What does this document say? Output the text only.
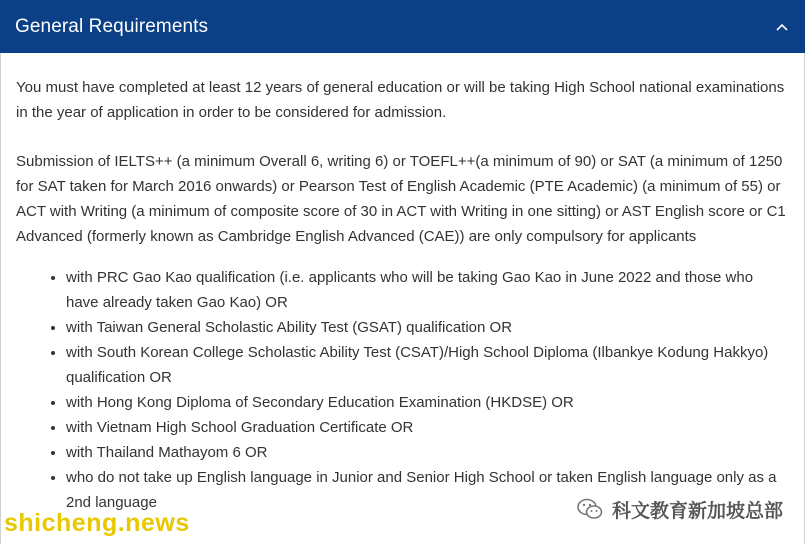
General Requirements

You must have completed at least 12 years of general education or will be taking High School national examinations in the year of application in order to be considered for admission.

Submission of IELTS++ (a minimum Overall 6, writing 6) or TOEFL++(a minimum of 90) or SAT (a minimum of 1250 for SAT taken for March 2016 onwards) or Pearson Test of English Academic (PTE Academic) (a minimum of 55) or ACT with Writing (a minimum of composite score of 30 in ACT with Writing in one sitting) or AST English score or C1 Advanced (formerly known as Cambridge English Advanced (CAE)) are only compulsory for applicants

• with PRC Gao Kao qualification (i.e. applicants who will be taking Gao Kao in June 2022 and those who have already taken Gao Kao) OR
• with Taiwan General Scholastic Ability Test (GSAT) qualification OR
• with South Korean College Scholastic Ability Test (CSAT)/High School Diploma (Ilbankye Kodung Hakkyo) qualification OR
• with Hong Kong Diploma of Secondary Education Examination (HKDSE) OR
• with Vietnam High School Graduation Certificate OR
• with Thailand Mathayom 6 OR
• who do not take up English language in Junior and Senior High School or taken English language only as a 2nd language
shicheng.news	科文教育新加坡总部
